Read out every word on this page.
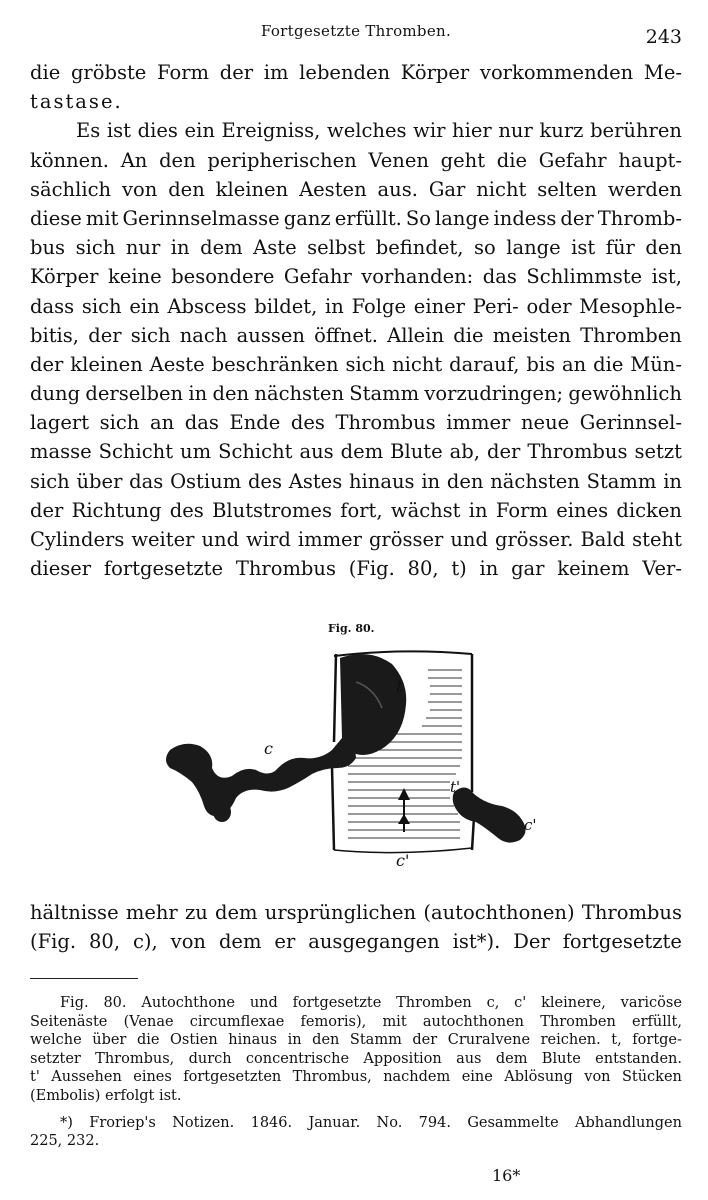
Fortgesetzte Thromben.	243
die gröbste Form der im lebenden Körper vorkommenden Me-
tastase.
Es ist dies ein Ereigniss, welches wir hier nur kurz berühren
können. An den peripherischen Venen geht die Gefahr haupt-
sächlich von den kleinen Aesten aus. Gar nicht selten werden
diese mit Gerinnselmasse ganz erfüllt. So lange indess der Thromb-
bus sich nur in dem Aste selbst befindet, so lange ist für den
Körper keine besondere Gefahr vorhanden: das Schlimmste ist,
dass sich ein Abscess bildet, in Folge einer Peri- oder Mesophle-
bitis, der sich nach aussen öffnet. Allein die meisten Thromben
der kleinen Aeste beschränken sich nicht darauf, bis an die Mün-
dung derselben in den nächsten Stamm vorzudringen; gewöhnlich
lagert sich an das Ende des Thrombus immer neue Gerinnsel-
masse Schicht um Schicht aus dem Blute ab, der Thrombus setzt
sich über das Ostium des Astes hinaus in den nächsten Stamm in
der Richtung des Blutstromes fort, wächst in Form eines dicken
Cylinders weiter und wird immer grösser und grösser. Bald steht
dieser fortgesetzte Thrombus (Fig. 80, t) in gar keinem Ver-
Fig. 80.
t
c
t'
c'
c'
hältnisse mehr zu dem ursprünglichen (autochthonen) Thrombus
(Fig. 80, c), von dem er ausgegangen ist*). Der fortgesetzte
Fig. 80. Autochthone und fortgesetzte Thromben c, c' kleinere, varicöse
Seitenäste (Venae circumflexae femoris), mit autochthonen Thromben erfüllt,
welche über die Ostien hinaus in den Stamm der Cruralvene reichen. t, fortge-
setzter Thrombus, durch concentrische Apposition aus dem Blute entstanden.
t' Aussehen eines fortgesetzten Thrombus, nachdem eine Ablösung von Stücken
(Embolis) erfolgt ist.
*) Froriep's Notizen. 1846. Januar. No. 794. Gesammelte Abhandlungen
225, 232.
16*
